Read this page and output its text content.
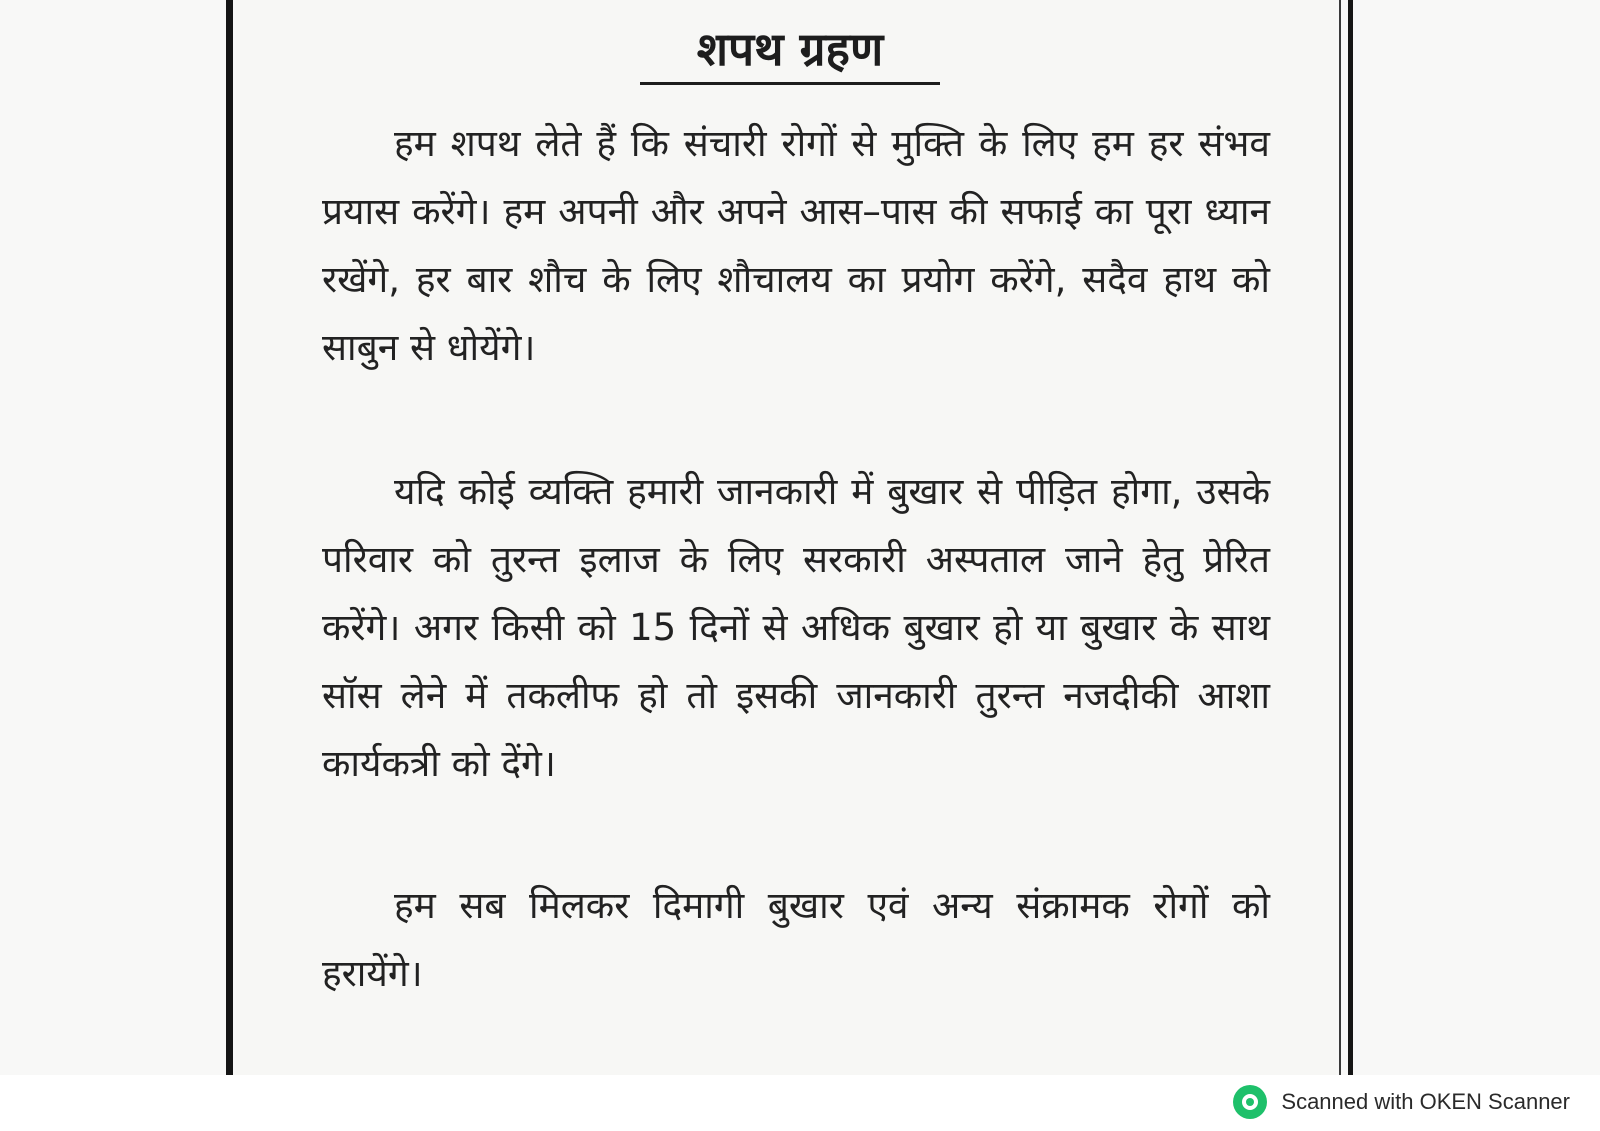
शपथ ग्रहण

हम शपथ लेते हैं कि संचारी रोगों से मुक्ति के लिए हम हर संभव प्रयास करेंगे। हम अपनी और अपने आस–पास की सफाई का पूरा ध्यान रखेंगे, हर बार शौच के लिए शौचालय का प्रयोग करेंगे, सदैव हाथ को साबुन से धोयेंगे।

यदि कोई व्यक्ति हमारी जानकारी में बुखार से पीड़ित होगा, उसके परिवार को तुरन्त इलाज के लिए सरकारी अस्पताल जाने हेतु प्रेरित करेंगे। अगर किसी को 15 दिनों से अधिक बुखार हो या बुखार के साथ सॉस लेने में तकलीफ हो तो इसकी जानकारी तुरन्त नजदीकी आशा कार्यकत्री को देंगे।

हम सब मिलकर दिमागी बुखार एवं अन्य संक्रामक रोगों को हरायेंगे।

Scanned with OKEN Scanner
